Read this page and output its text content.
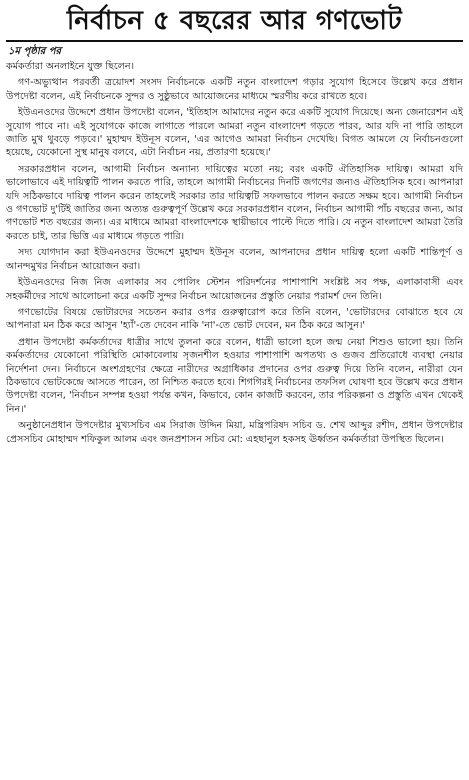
নির্বাচন ৫ বছরের আর গণভোট
১ম পৃষ্ঠার পর

কর্মকর্তারা অনলাইনে যুক্ত ছিলেন।

গণ-অভ্যুত্থান পরবর্তী ত্রয়োদশ সংসদ নির্বাচনকে একটি নতুন বাংলাদেশ গড়ার সুযোগ হিসেবে উল্লেখ করে প্রধান উপদেষ্টা বলেন, এই নির্বাচনকে সুন্দর ও সুষ্ঠুভাবে আয়োজনের মাধ্যমে স্মরণীয় করে রাখতে হবে।

ইউএনওদের উদ্দেশে প্রধান উপদেষ্টা বলেন, 'ইতিহাস আমাদের নতুন করে একটি সুযোগ দিয়েছে। অন্য জেনারেশন এই সুযোগ পাবে না। এই সুযোগকে কাজে লাগাতে পারলে আমরা নতুন বাংলাদেশ গড়তে পারব, আর যদি না পারি তাহলে জাতি মুখ থুবড়ে পড়বে।' মুহাম্মদ ইউনূস বলেন, 'এর আগেও আমরা নির্বাচন দেখেছি। বিগত আমলে যে নির্বাচনগুলো হয়েছে, যেকোনো সুস্থ মানুষ বলবে, এটা নির্বাচন নয়, প্রতারণা হয়েছে।'

সরকারপ্রধান বলেন, আগামী নির্বাচন অন্যান্য দায়িত্বের মতো নয়; বরং একটি ঐতিহাসিক দায়িত্ব। আমরা যদি ভালোভাবে এই দায়িত্বটি পালন করতে পারি, তাহলে আগামী নির্বাচনের দিনটি জগণের জন্যও ঐতিহাসিক হবে। আপনারা যদি সঠিকভাবে দায়িত্ব পালন করেন তাহলেই সরকার তার দায়িত্বটি সফলভাবে পালন করতে সক্ষম হবে। আগামী নির্বাচন ও গণভোট দু'টিই জাতির জন্য অত্যন্ত গুরুত্বপূর্ণ উল্লেখ করে সরকারপ্রধান বলেন, নির্বাচন আগামী পাঁচ বছরের জন্য, আর গণভোট শত বছরের জন্য। এর মাধ্যমে আমরা বাংলাদেশকে স্থায়ীভাবে পাল্টে দিতে পারি। যে নতুন বাংলাদেশ আমরা তৈরি করতে চাই, তার ভিত্তি এর মাধ্যমে গড়তে পারি।

সদ্য যোগদান করা ইউএনওদের উদ্দেশে মুহাম্মদ ইউনূস বলেন, আপনাদের প্রধান দায়িত্ব হলো একটি শান্তিপূর্ণ ও আনন্দমুখর নির্বাচন আয়োজন করা।

ইউএনওদের নিজ নিজ এলাকার সব পোলিং স্টেশন পরিদর্শনের পাশাপাশি সংশ্লিষ্ট সব পক্ষ, এলাকাবাসী এবং সহকর্মীদের সাথে আলোচনা করে একটি সুন্দর নির্বাচন আয়োজনের প্রস্তুতি নেয়ার পরামর্শ দেন তিনি।

গণভোটের বিষয়ে ভোটারদের সচেতন করার ওপর গুরুত্বারোপ করে তিনি বলেন, 'ভোটারদের বোঝাতে হবে যে আপনারা মন ঠিক করে আসুন 'হ্যাঁ'-তে দেবেন নাকি 'না'-তে ভোট দেবেন, মন ঠিক করে আসুন।'

প্রধান উপদেষ্টা কর্মকর্তাদের ধাত্রীর সাথে তুলনা করে বলেন, ধাত্রী ভালো হলে জন্ম নেয়া শিশুও ভালো হয়। তিনি কর্মকর্তাদের যেকোনো পরিস্থিতি মোকাবেলায় সৃজনশীল হওয়ার পাশাপাশি অপতথ্য ও গুজব প্রতিরোধে ব্যবস্থা নেয়ার নির্দেশনা দেন। নির্বাচনে অংশগ্রহণের ক্ষেত্রে নারীদের অগ্রাধিকার প্রদানের ওপর গুরুত্ব দিয়ে তিনি বলেন, নারীরা যেন ঠিকভাবে ভোটকেন্দ্রে আসতে পারেন, তা নিশ্চিত করতে হবে। শিগগিরই নির্বাচনের তফসিল ঘোষণা হবে উল্লেখ করে প্রধান উপদেষ্টা বলেন, 'নির্বাচন সম্পন্ন হওয়া পর্যন্ত কখন, কিভাবে, কোন কাজটি করবেন, তার পরিকল্পনা ও প্রস্তুতি এখন থেকেই নিন।'

অনুষ্ঠানেপ্রধান উপদেষ্টার মুখ্যসচিব এম সিরাজ উদ্দিন মিয়া, মন্ত্রিপরিষদ সচিব ড. শেখ আব্দুর রশীদ, প্রধান উপদেষ্টার প্রেসসচিব মোহাম্মদ শফিকুল আলম এবং জনপ্রশাসন সচিব মো: এহছানুল হকসহ ঊর্ধ্বতন কর্মকর্তারা উপস্থিত ছিলেন।
